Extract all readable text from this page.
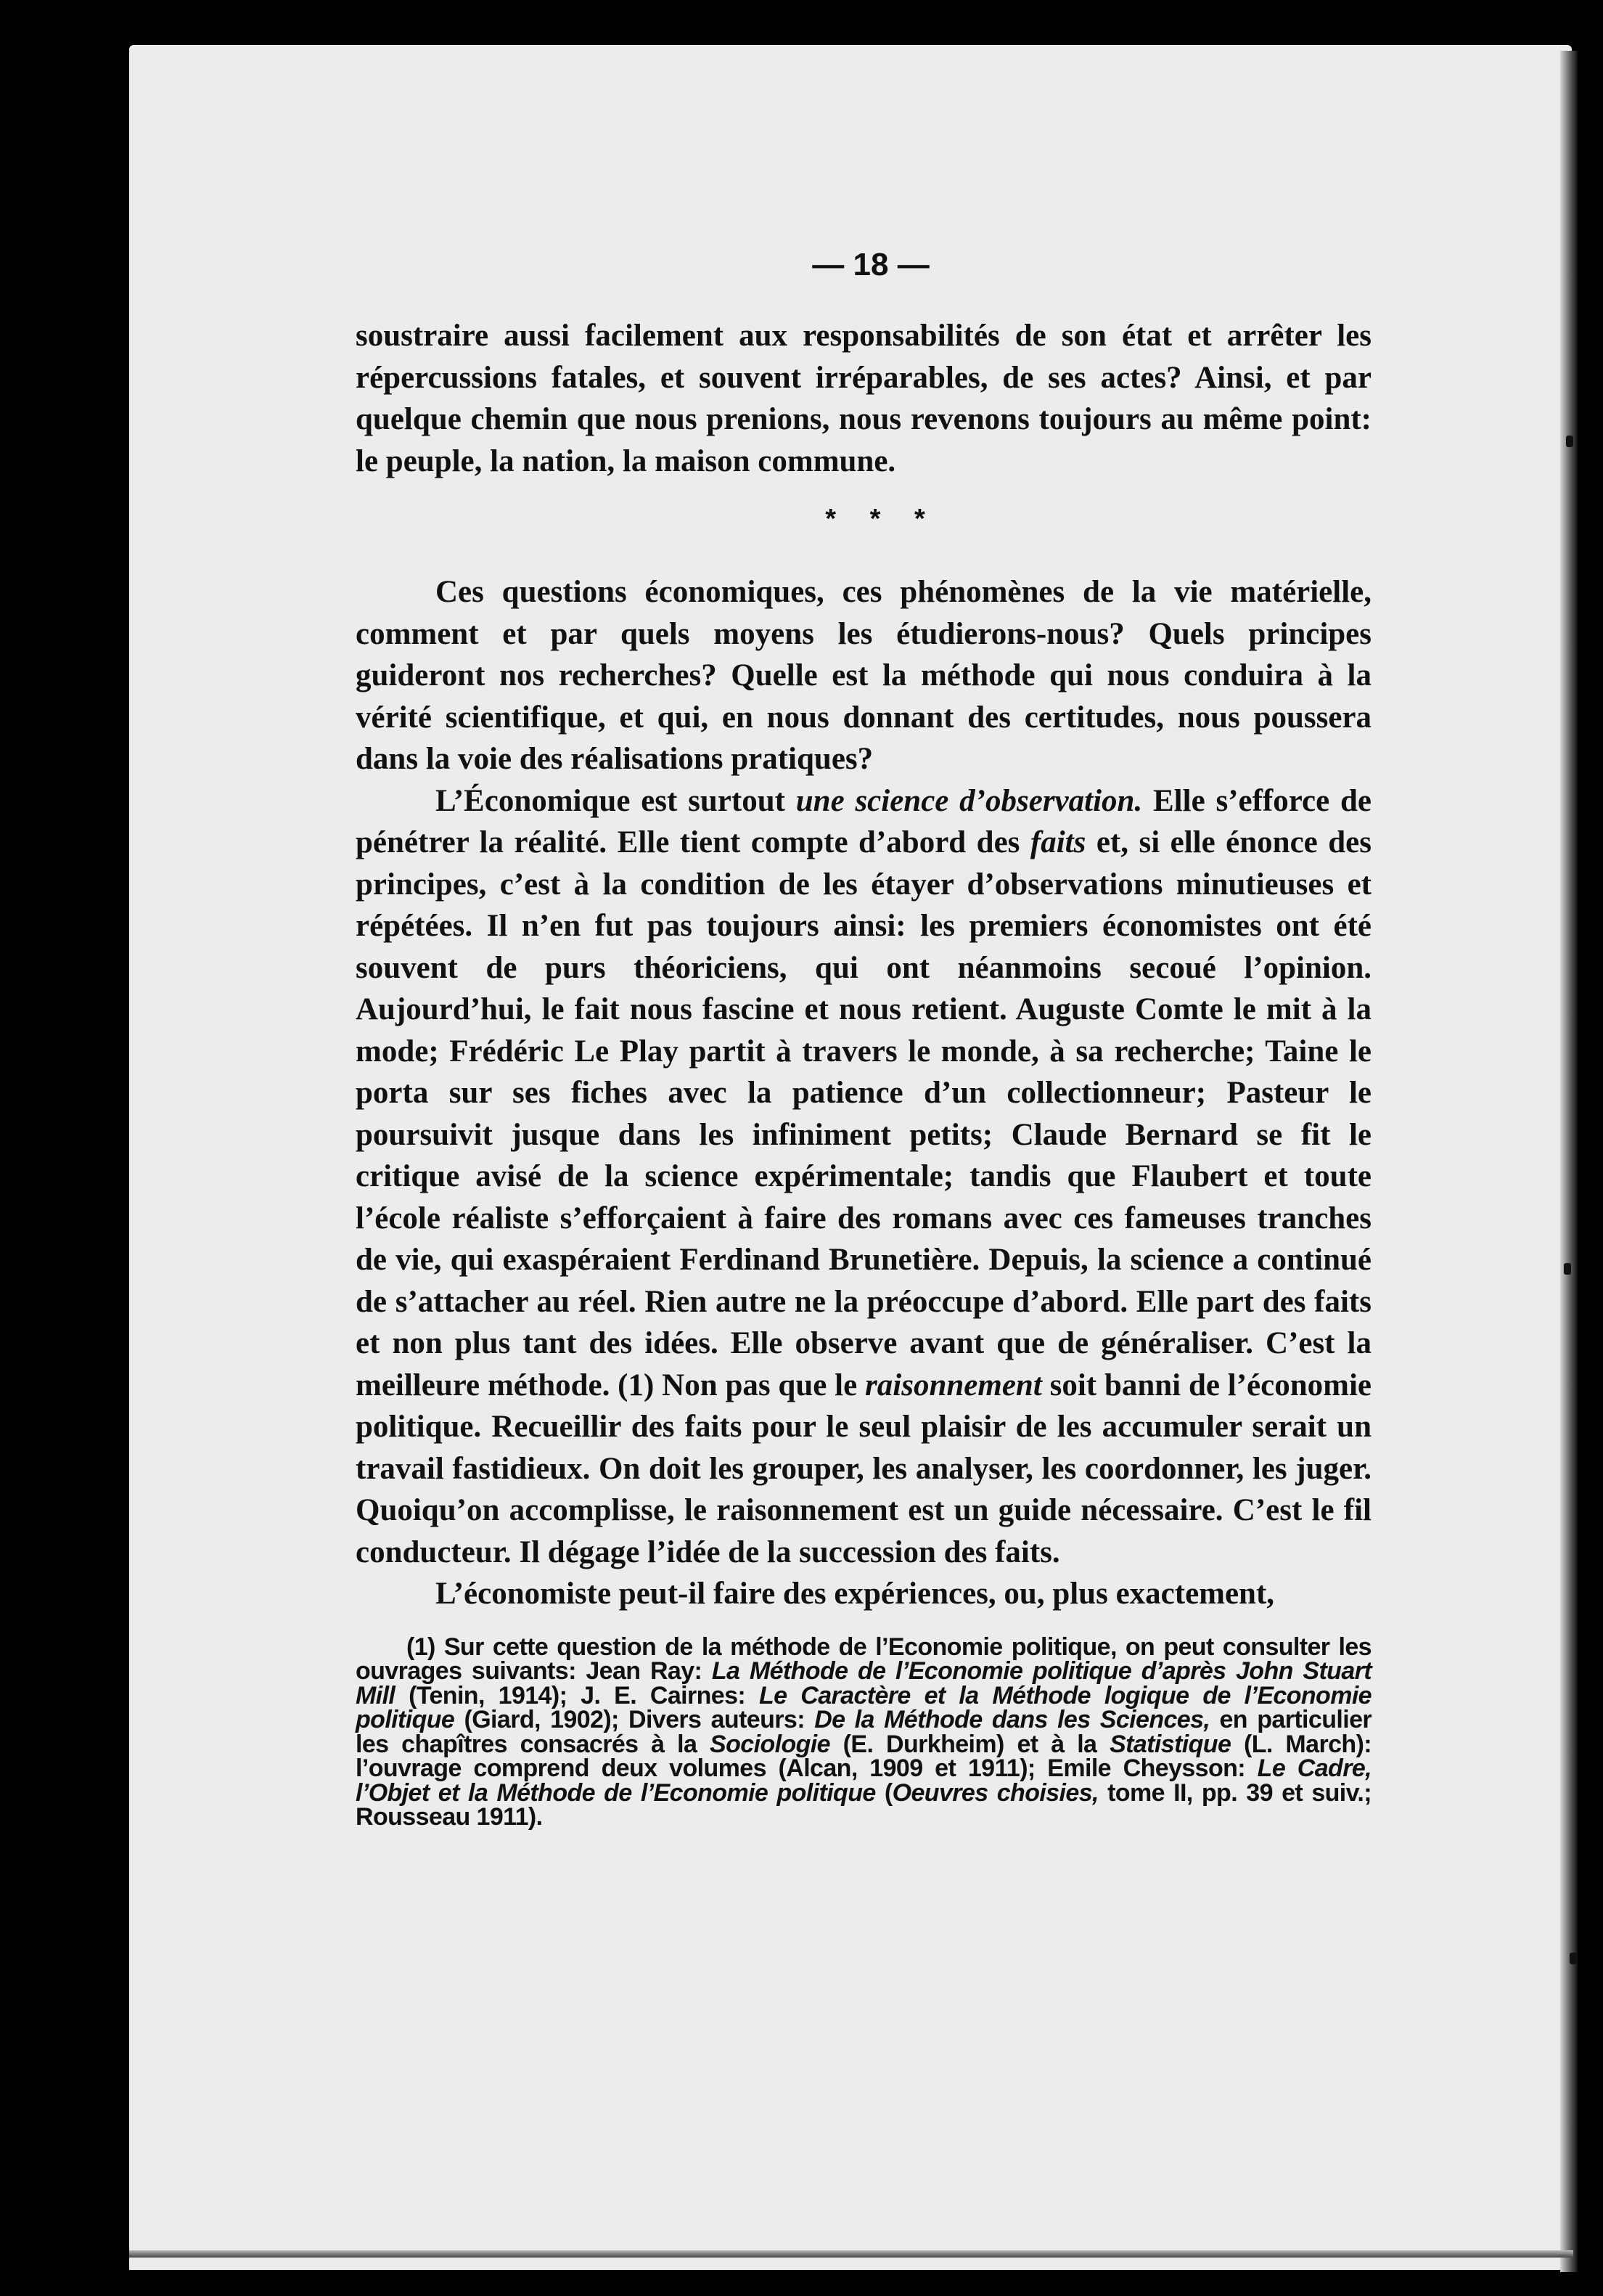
— 18 —

soustraire aussi facilement aux responsabilités de son état et arrêter les répercussions fatales, et souvent irréparables, de ses actes? Ainsi, et par quelque chemin que nous prenions, nous revenons toujours au même point: le peuple, la nation, la maison commune.

* * *

Ces questions économiques, ces phénomènes de la vie matérielle, comment et par quels moyens les étudierons-nous? Quels principes guideront nos recherches? Quelle est la méthode qui nous conduira à la vérité scientifique, et qui, en nous donnant des certitudes, nous poussera dans la voie des réalisations pratiques?

L’Économique est surtout une science d’observation. Elle s’efforce de pénétrer la réalité. Elle tient compte d’abord des faits et, si elle énonce des principes, c’est à la condition de les étayer d’observations minutieuses et répétées. Il n’en fut pas toujours ainsi: les premiers économistes ont été souvent de purs théoriciens, qui ont néanmoins secoué l’opinion. Aujourd’hui, le fait nous fascine et nous retient. Auguste Comte le mit à la mode; Frédéric Le Play partit à travers le monde, à sa recherche; Taine le porta sur ses fiches avec la patience d’un collectionneur; Pasteur le poursuivit jusque dans les infiniment petits; Claude Bernard se fit le critique avisé de la science expérimentale; tandis que Flaubert et toute l’école réaliste s’efforçaient à faire des romans avec ces fameuses tranches de vie, qui exaspéraient Ferdinand Brunetière. Depuis, la science a continué de s’attacher au réel. Rien autre ne la préoccupe d’abord. Elle part des faits et non plus tant des idées. Elle observe avant que de généraliser. C’est la meilleure méthode. (1) Non pas que le raisonnement soit banni de l’économie politique. Recueillir des faits pour le seul plaisir de les accumuler serait un travail fastidieux. On doit les grouper, les analyser, les coordonner, les juger. Quoiqu’on accomplisse, le raisonnement est un guide nécessaire. C’est le fil conducteur. Il dégage l’idée de la succession des faits.

L’économiste peut-il faire des expériences, ou, plus exactement,

(1) Sur cette question de la méthode de l’Economie politique, on peut consulter les ouvrages suivants: Jean Ray: La Méthode de l’Economie politique d’après John Stuart Mill (Tenin, 1914); J. E. Cairnes: Le Caractère et la Méthode logique de l’Economie politique (Giard, 1902); Divers auteurs: De la Méthode dans les Sciences, en particulier les chapîtres consacrés à la Sociologie (E. Durkheim) et à la Statistique (L. March): l’ouvrage comprend deux volumes (Alcan, 1909 et 1911); Emile Cheysson: Le Cadre, l’Objet et la Méthode de l’Economie politique (Oeuvres choisies, tome II, pp. 39 et suiv.; Rousseau 1911).
